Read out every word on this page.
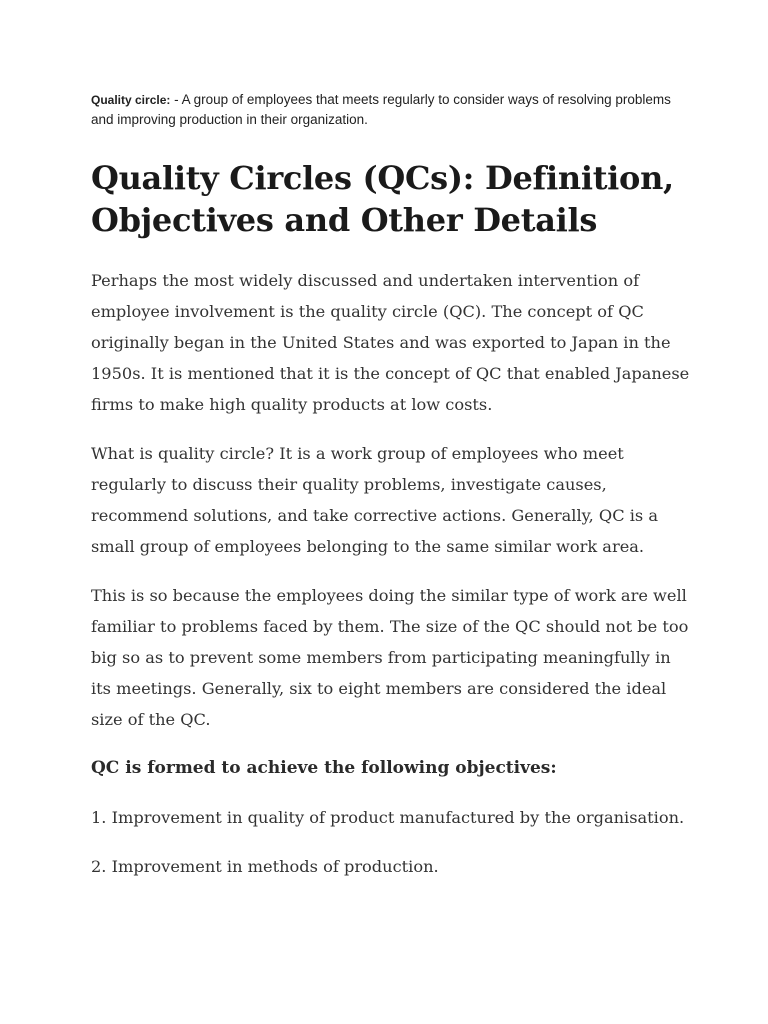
Quality circle: - A group of employees that meets regularly to consider ways of resolving problems and improving production in their organization.

Quality Circles (QCs): Definition, Objectives and Other Details

Perhaps the most widely discussed and undertaken intervention of employee involvement is the quality circle (QC). The concept of QC originally began in the United States and was exported to Japan in the 1950s. It is mentioned that it is the concept of QC that enabled Japanese firms to make high quality products at low costs.

What is quality circle? It is a work group of employees who meet regularly to discuss their quality problems, investigate causes, recommend solutions, and take corrective actions. Generally, QC is a small group of employees belonging to the same similar work area.

This is so because the employees doing the similar type of work are well familiar to problems faced by them. The size of the QC should not be too big so as to prevent some members from participating meaningfully in its meetings. Generally, six to eight members are considered the ideal size of the QC.

QC is formed to achieve the following objectives:

1. Improvement in quality of product manufactured by the organisation.

2. Improvement in methods of production.
